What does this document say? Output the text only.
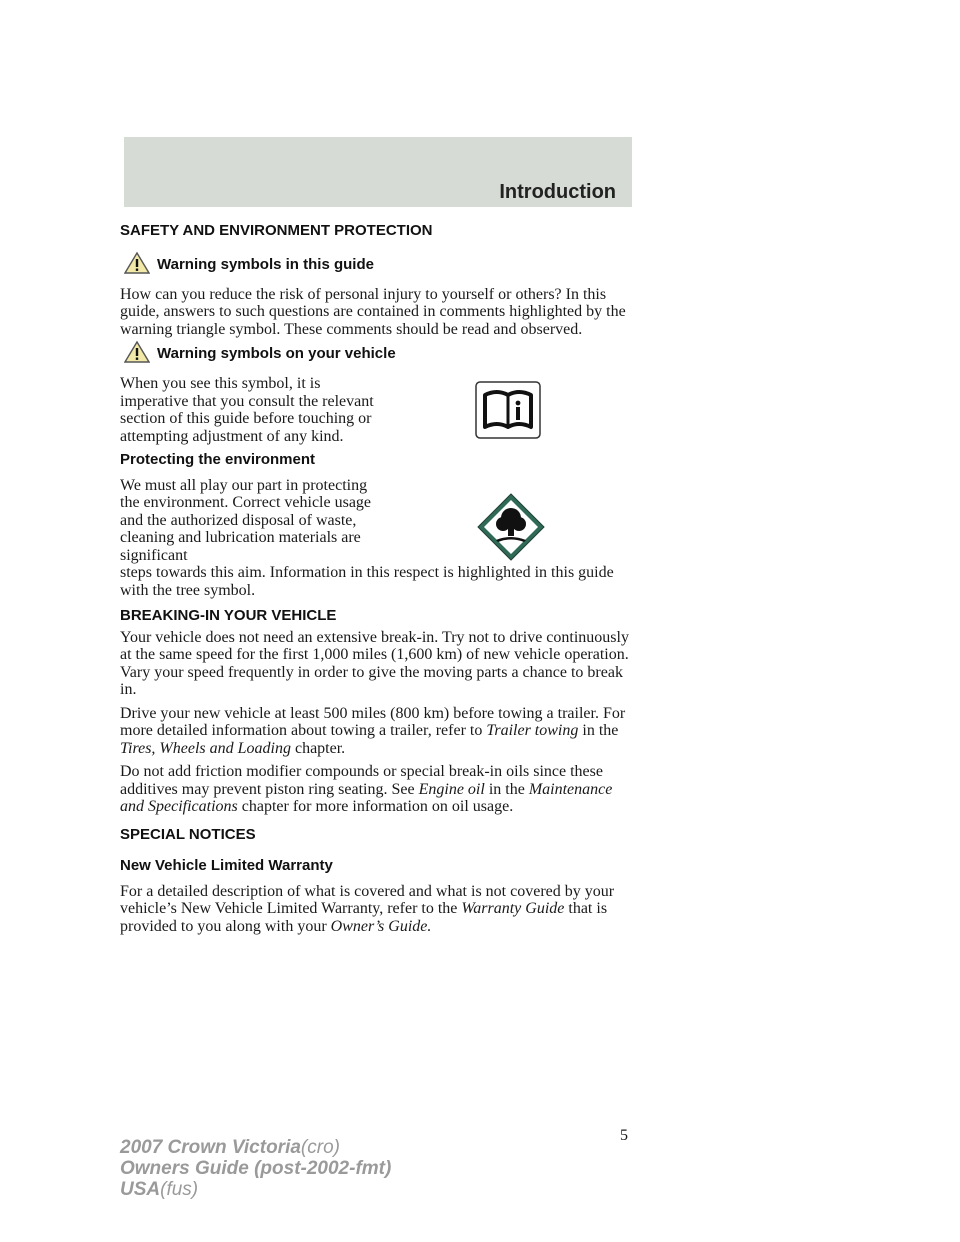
Introduction
SAFETY AND ENVIRONMENT PROTECTION
Warning symbols in this guide

How can you reduce the risk of personal injury to yourself or others? In this guide, answers to such questions are contained in comments highlighted by the warning triangle symbol. These comments should be read and observed.

Warning symbols on your vehicle

When you see this symbol, it is imperative that you consult the relevant section of this guide before touching or attempting adjustment of any kind.

Protecting the environment

We must all play our part in protecting the environment. Correct vehicle usage and the authorized disposal of waste, cleaning and lubrication materials are significant
steps towards this aim. Information in this respect is highlighted in this guide with the tree symbol.

BREAKING-IN YOUR VEHICLE

Your vehicle does not need an extensive break-in. Try not to drive continuously at the same speed for the first 1,000 miles (1,600 km) of new vehicle operation. Vary your speed frequently in order to give the moving parts a chance to break in.

Drive your new vehicle at least 500 miles (800 km) before towing a trailer. For more detailed information about towing a trailer, refer to Trailer towing in the Tires, Wheels and Loading chapter.

Do not add friction modifier compounds or special break-in oils since these additives may prevent piston ring seating. See Engine oil in the Maintenance and Specifications chapter for more information on oil usage.

SPECIAL NOTICES
New Vehicle Limited Warranty

For a detailed description of what is covered and what is not covered by your vehicle’s New Vehicle Limited Warranty, refer to the Warranty Guide that is provided to you along with your Owner’s Guide.

5
2007 Crown Victoria(cro)
Owners Guide (post-2002-fmt)
USA(fus)
